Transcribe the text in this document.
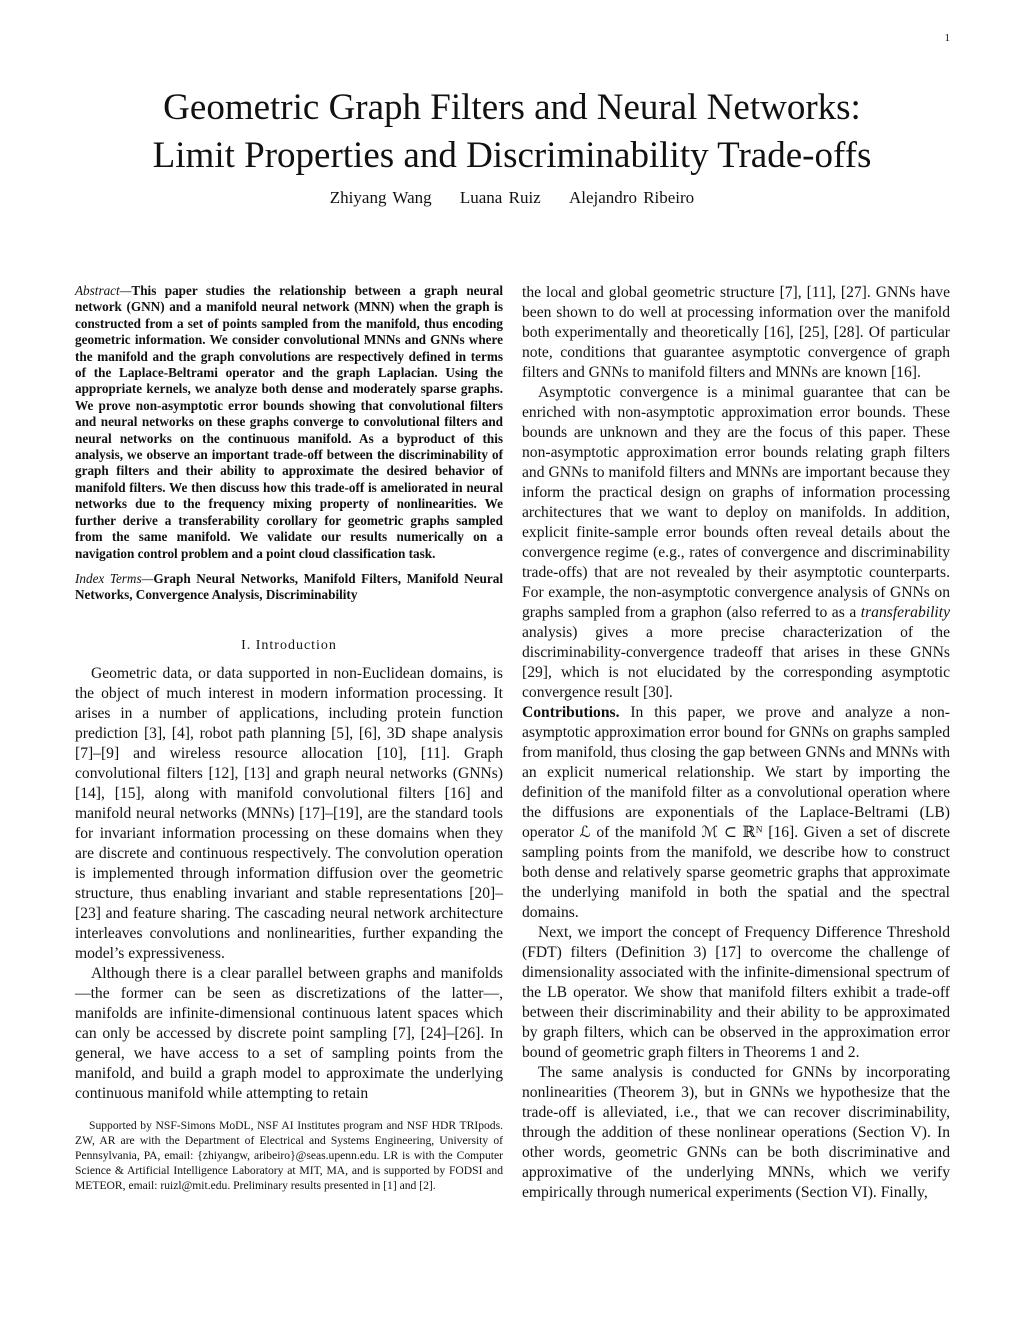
1
Geometric Graph Filters and Neural Networks:
Limit Properties and Discriminability Trade-offs
Zhiyang Wang Luana Ruiz Alejandro Ribeiro
Abstract—This paper studies the relationship between a graph neural network (GNN) and a manifold neural network (MNN) when the graph is constructed from a set of points sampled from the manifold, thus encoding geometric information. We consider convolutional MNNs and GNNs where the manifold and the graph convolutions are respectively defined in terms of the Laplace-Beltrami operator and the graph Laplacian. Using the appropriate kernels, we analyze both dense and moderately sparse graphs. We prove non-asymptotic error bounds showing that convolutional filters and neural networks on these graphs converge to convolutional filters and neural networks on the continuous manifold. As a byproduct of this analysis, we observe an important trade-off between the discriminability of graph filters and their ability to approximate the desired behavior of manifold filters. We then discuss how this trade-off is ameliorated in neural networks due to the frequency mixing property of nonlinearities. We further derive a transferability corollary for geometric graphs sampled from the same manifold. We validate our results numerically on a navigation control problem and a point cloud classification task.
Index Terms—Graph Neural Networks, Manifold Filters, Manifold Neural Networks, Convergence Analysis, Discriminability
I. Introduction

Geometric data, or data supported in non-Euclidean domains, is the object of much interest in modern information processing. It arises in a number of applications, including protein function prediction [3], [4], robot path planning [5], [6], 3D shape analysis [7]–[9] and wireless resource allocation [10], [11]. Graph convolutional filters [12], [13] and graph neural networks (GNNs) [14], [15], along with manifold convolutional filters [16] and manifold neural networks (MNNs) [17]–[19], are the standard tools for invariant information processing on these domains when they are discrete and continuous respectively. The convolution operation is implemented through information diffusion over the geometric structure, thus enabling invariant and stable representations [20]–[23] and feature sharing. The cascading neural network architecture interleaves convolutions and nonlinearities, further expanding the model’s expressiveness.

Although there is a clear parallel between graphs and manifolds—the former can be seen as discretizations of the latter—, manifolds are infinite-dimensional continuous latent spaces which can only be accessed by discrete point sampling [7], [24]–[26]. In general, we have access to a set of sampling points from the manifold, and build a graph model to approximate the underlying continuous manifold while attempting to retain

Supported by NSF-Simons MoDL, NSF AI Institutes program and NSF HDR TRIpods. ZW, AR are with the Department of Electrical and Systems Engineering, University of Pennsylvania, PA, email: {zhiyangw, aribeiro}@seas.upenn.edu. LR is with the Computer Science & Artificial Intelligence Laboratory at MIT, MA, and is supported by FODSI and METEOR, email: ruizl@mit.edu. Preliminary results presented in [1] and [2].

the local and global geometric structure [7], [11], [27]. GNNs have been shown to do well at processing information over the manifold both experimentally and theoretically [16], [25], [28]. Of particular note, conditions that guarantee asymptotic convergence of graph filters and GNNs to manifold filters and MNNs are known [16].

Asymptotic convergence is a minimal guarantee that can be enriched with non-asymptotic approximation error bounds. These bounds are unknown and they are the focus of this paper. These non-asymptotic approximation error bounds relating graph filters and GNNs to manifold filters and MNNs are important because they inform the practical design on graphs of information processing architectures that we want to deploy on manifolds. In addition, explicit finite-sample error bounds often reveal details about the convergence regime (e.g., rates of convergence and discriminability trade-offs) that are not revealed by their asymptotic counterparts. For example, the non-asymptotic convergence analysis of GNNs on graphs sampled from a graphon (also referred to as a transferability analysis) gives a more precise characterization of the discriminability-convergence tradeoff that arises in these GNNs [29], which is not elucidated by the corresponding asymptotic convergence result [30].

Contributions. In this paper, we prove and analyze a non-asymptotic approximation error bound for GNNs on graphs sampled from manifold, thus closing the gap between GNNs and MNNs with an explicit numerical relationship. We start by importing the definition of the manifold filter as a convolutional operation where the diffusions are exponentials of the Laplace-Beltrami (LB) operator ℒ of the manifold ℳ ⊂ ℝᴺ [16]. Given a set of discrete sampling points from the manifold, we describe how to construct both dense and relatively sparse geometric graphs that approximate the underlying manifold in both the spatial and the spectral domains.

Next, we import the concept of Frequency Difference Threshold (FDT) filters (Definition 3) [17] to overcome the challenge of dimensionality associated with the infinite-dimensional spectrum of the LB operator. We show that manifold filters exhibit a trade-off between their discriminability and their ability to be approximated by graph filters, which can be observed in the approximation error bound of geometric graph filters in Theorems 1 and 2.

The same analysis is conducted for GNNs by incorporating nonlinearities (Theorem 3), but in GNNs we hypothesize that the trade-off is alleviated, i.e., that we can recover discriminability, through the addition of these nonlinear operations (Section V). In other words, geometric GNNs can be both discriminative and approximative of the underlying MNNs, which we verify empirically through numerical experiments (Section VI). Finally,
